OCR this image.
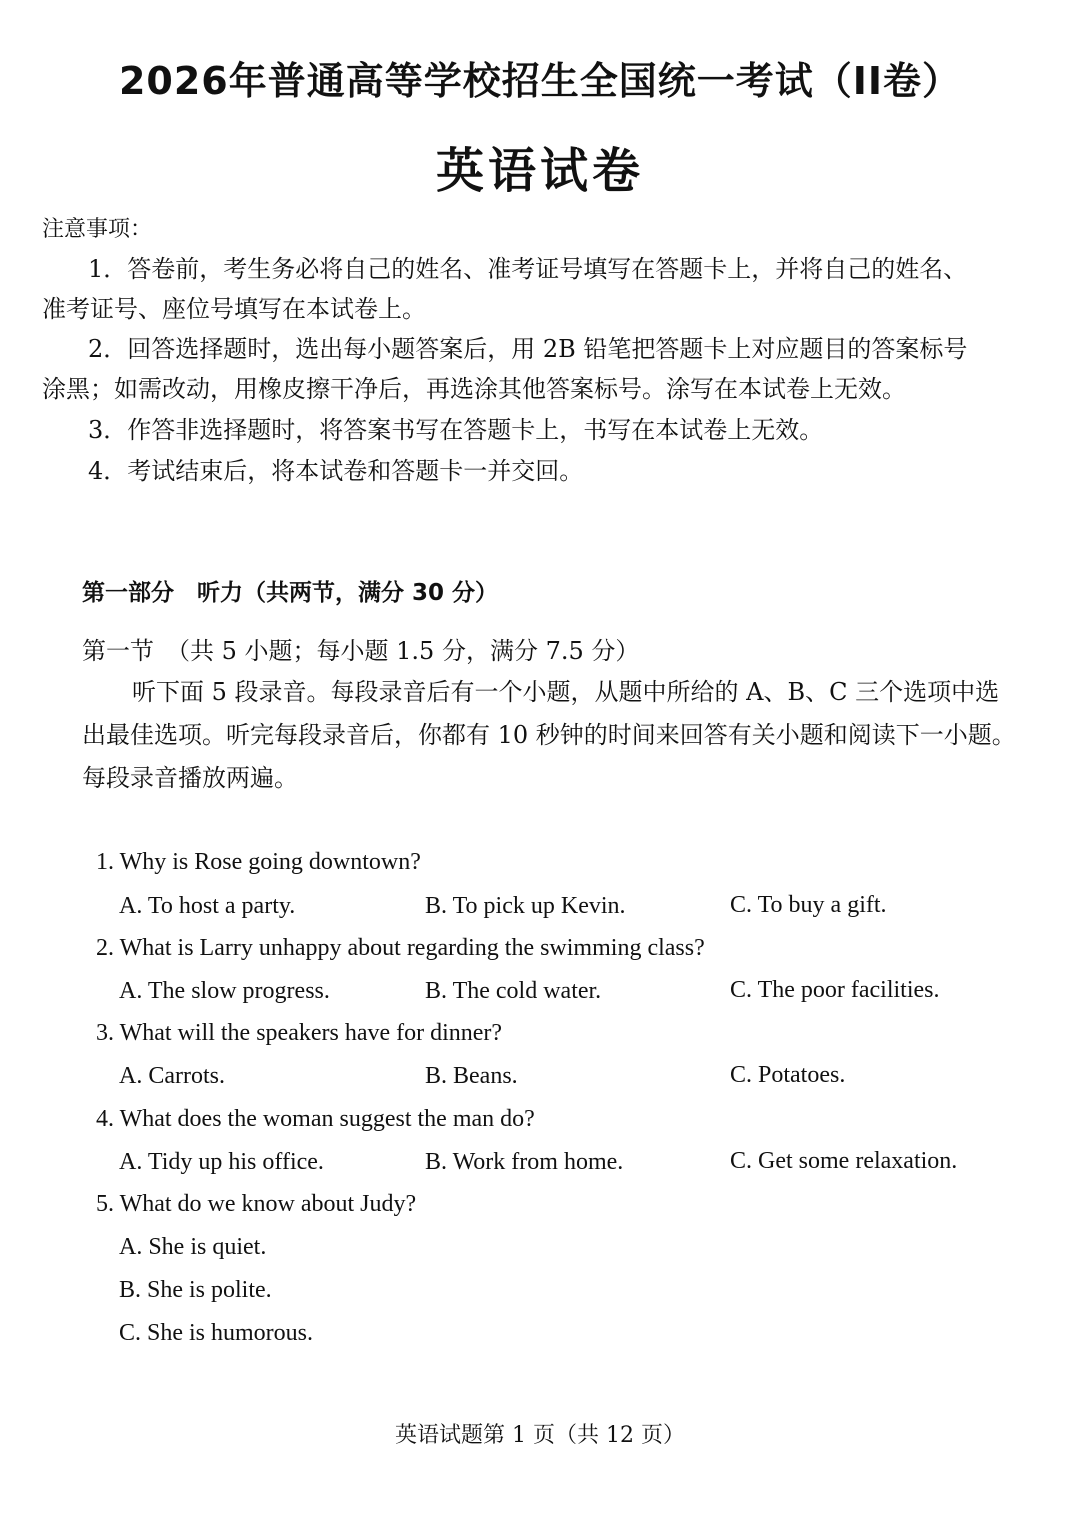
2026年普通高等学校招生全国统一考试（II卷）
英语试卷
注意事项：
1．答卷前，考生务必将自己的姓名、准考证号填写在答题卡上，并将自己的姓名、
准考证号、座位号填写在本试卷上。
2．回答选择题时，选出每小题答案后，用 2B 铅笔把答题卡上对应题目的答案标号
涂黑；如需改动，用橡皮擦干净后，再选涂其他答案标号。涂写在本试卷上无效。
3．作答非选择题时，将答案书写在答题卡上，书写在本试卷上无效。
4．考试结束后，将本试卷和答题卡一并交回。
第一部分　听力（共两节，满分 30 分）
第一节　（共 5 小题；每小题 1.5 分，满分 7.5 分）
听下面 5 段录音。每段录音后有一个小题，从题中所给的 A、B、C 三个选项中选
出最佳选项。听完每段录音后，你都有 10 秒钟的时间来回答有关小题和阅读下一小题。
每段录音播放两遍。
1. Why is Rose going downtown?
A. To host a party.	B. To pick up Kevin.	C. To buy a gift.
2. What is Larry unhappy about regarding the swimming class?
A. The slow progress.	B. The cold water.	C. The poor facilities.
3. What will the speakers have for dinner?
A. Carrots.	B. Beans.	C. Potatoes.
4. What does the woman suggest the man do?
A. Tidy up his office.	B. Work from home.	C. Get some relaxation.
5. What do we know about Judy?
A. She is quiet.
B. She is polite.
C. She is humorous.
英语试题第 1 页（共 12 页）
